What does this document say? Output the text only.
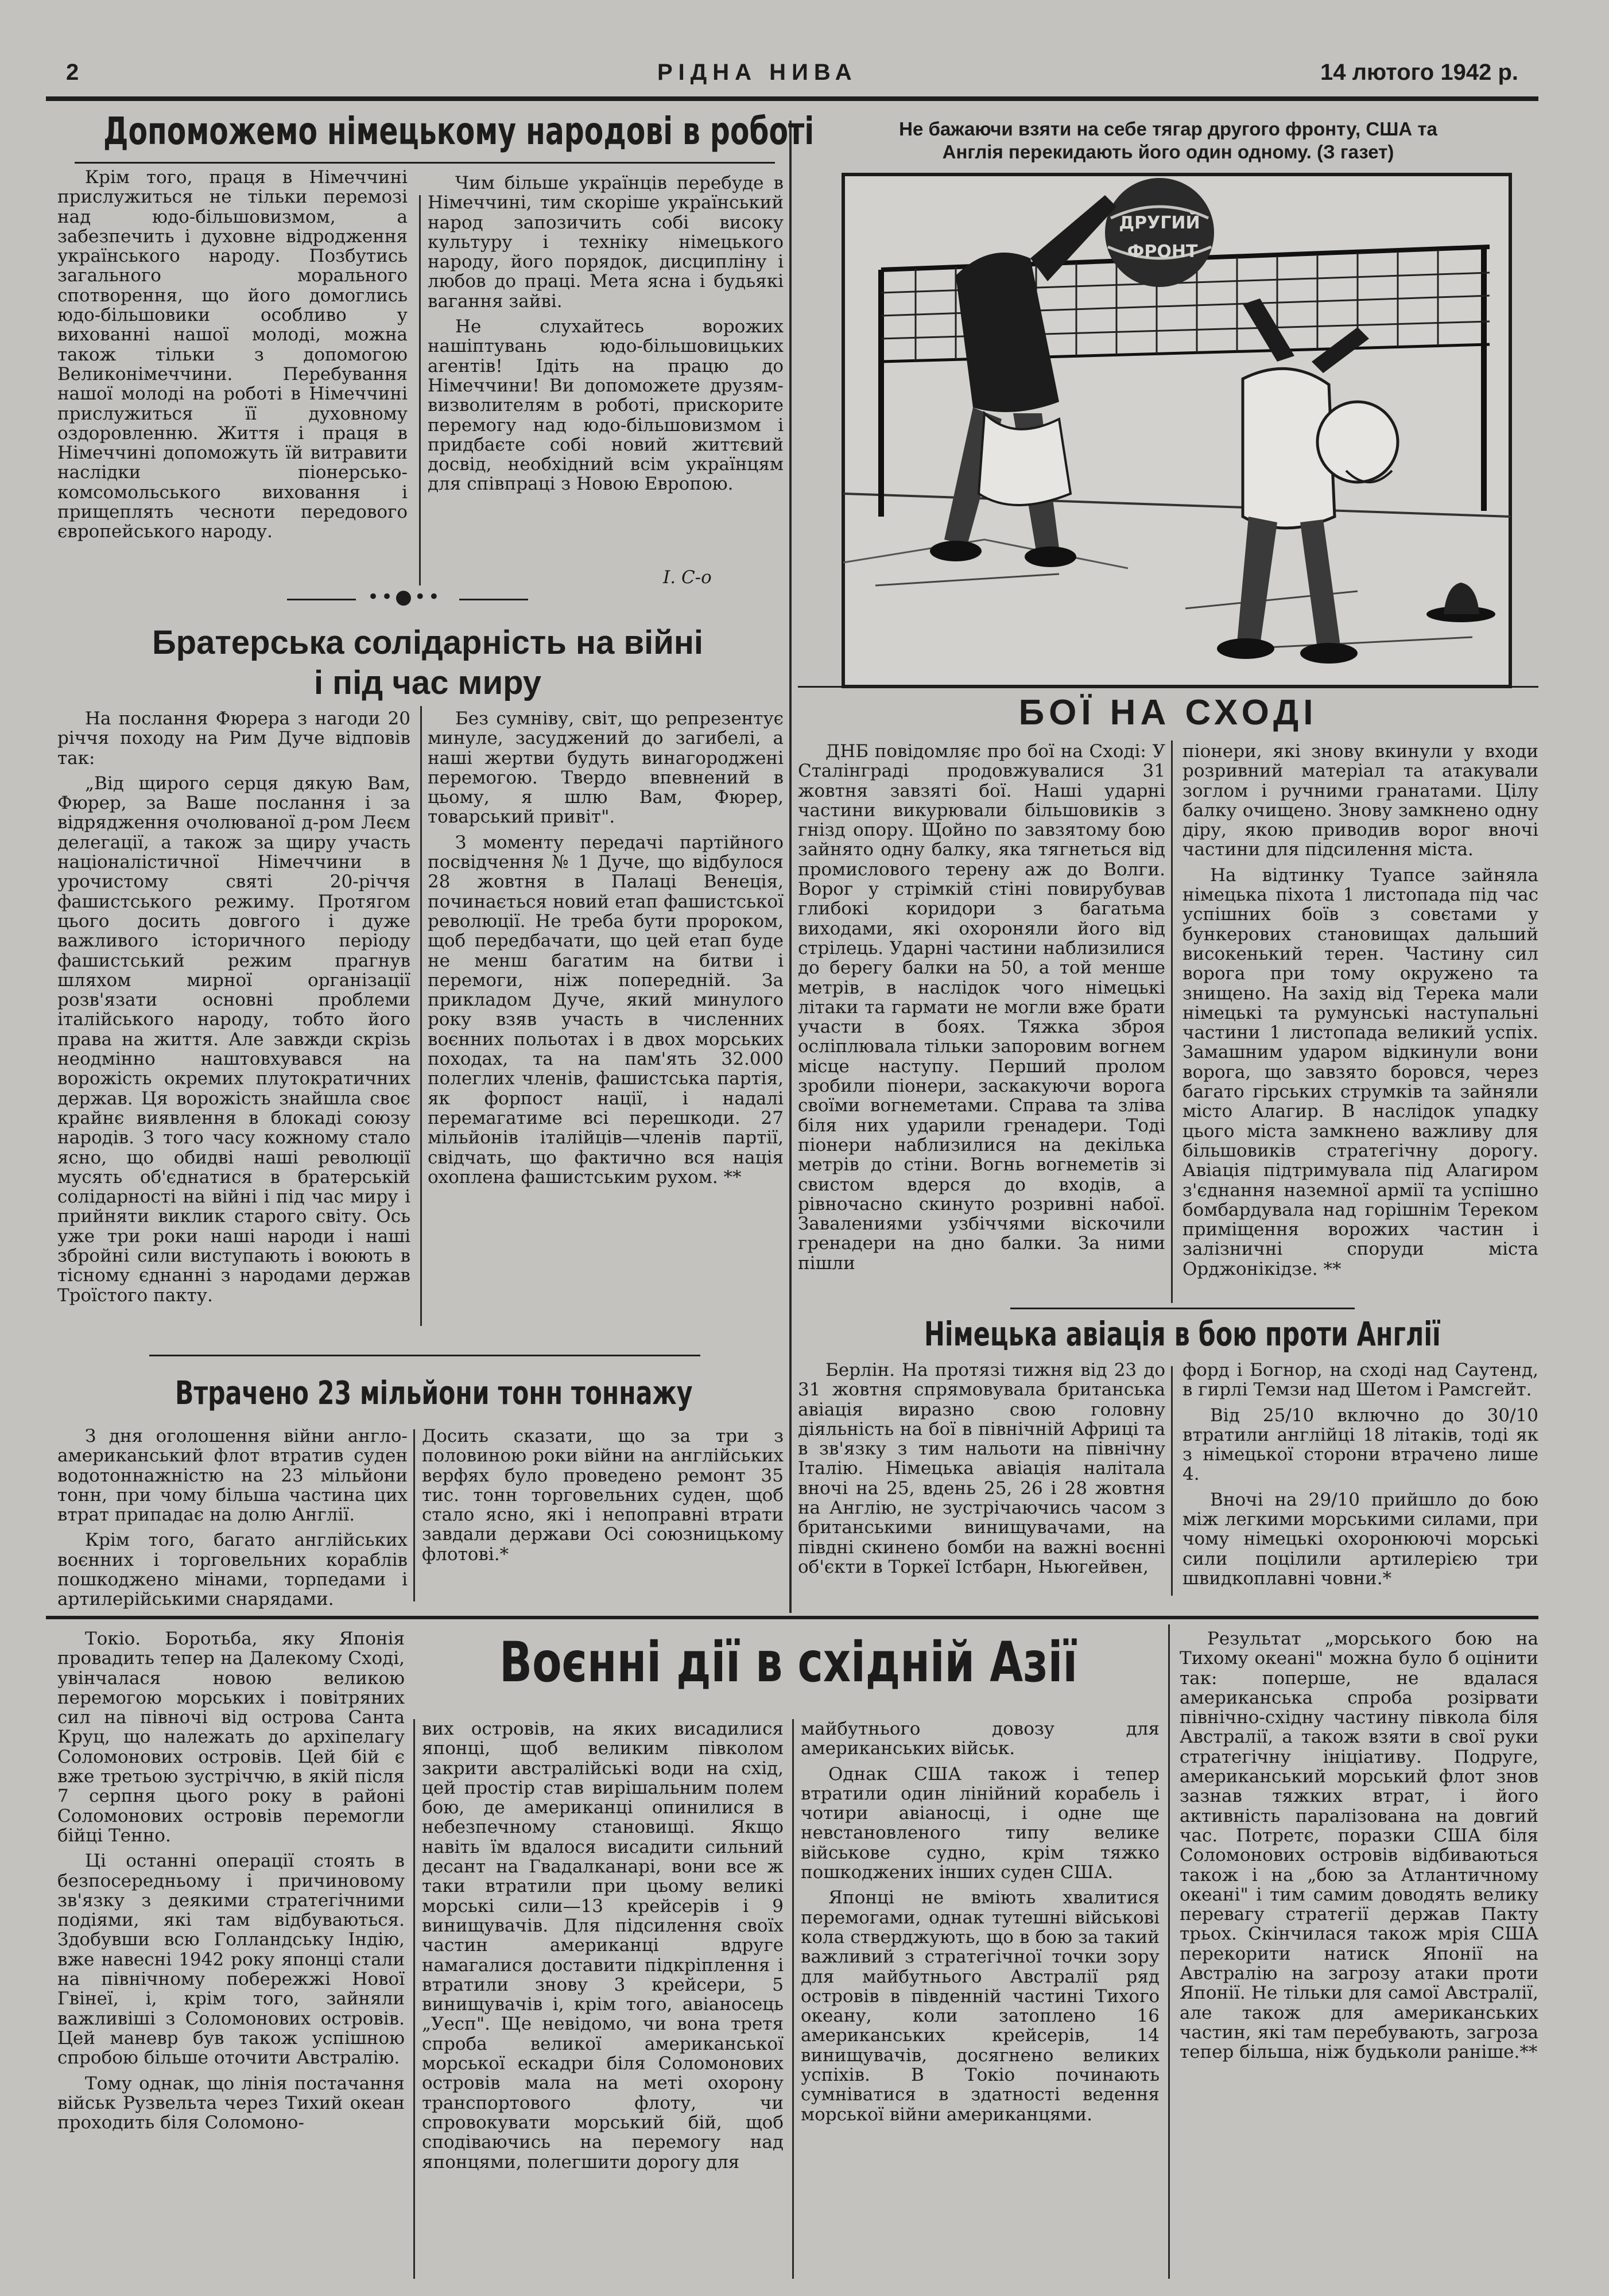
2	РІДНА НИВА	14 лютого 1942 р.
Допоможемо німецькому народові в роботі

Крім того, праця в Німеччині прислужиться не тільки перемозі над юдо-більшовизмом, а забезпечить і духовне відродження українського народу. Позбутись загального морального спотворення, що його домоглись юдо-більшовики особливо у вихованні нашої молоді, можна також тільки з допомогою Великонімеччини. Перебування нашої молоді на роботі в Німеччині прислужиться її духовному оздоровленню. Життя і праця в Німеччині допоможуть їй витравити наслідки піонерсько-комсомольського виховання і прищеплять чесноти передового європейського народу.

Чим більше українців перебуде в Німеччині, тим скоріше український народ запозичить собі високу культуру і техніку німецького народу, його порядок, дисципліну і любов до праці. Мета ясна і будьякі вагання зайві.

Не слухайтесь ворожих нашіптувань юдо-більшовицьких агентів! Ідіть на працю до Німеччини! Ви допоможете друзям-визволителям в роботі, прискорите перемогу над юдо-більшовизмом і придбаєте собі новий життєвий досвід, необхідний всім українцям для співпраці з Новою Европою.

І. С-о
••●••
Братерська солідарність на війні
і під час миру

На послання Фюрера з нагоди 20 річчя походу на Рим Дуче відповів так:

„Від щирого серця дякую Вам, Фюрер, за Ваше послання і за відрядження очолюваної д-ром Леєм делегації, а також за щиру участь націоналістичної Німеччини в урочистому святі 20-річчя фашистського режиму. Протягом цього досить довгого і дуже важливого історичного періоду фашистський режим прагнув шляхом мирної організації розв'язати основні проблеми італійського народу, тобто його права на життя. Але завжди скрізь неодмінно наштовхувався на ворожість окремих плутократичних держав. Ця ворожість знайшла своє крайнє виявлення в блокаді союзу народів. З того часу кожному стало ясно, що обидві наші революції мусять об'єднатися в братерській солідарності на війні і під час миру і прийняти виклик старого світу. Ось уже три роки наші народи і наші збройні сили виступають і воюють в тісному єднанні з народами держав Троїстого пакту.

Без сумніву, світ, що репрезентує минуле, засуджений до загибелі, а наші жертви будуть винагороджені перемогою. Твердо впевнений в цьому, я шлю Вам, Фюрер, товарський привіт".

З моменту передачі партійного посвідчення № 1 Дуче, що відбулося 28 жовтня в Палаці Венеція, починається новий етап фашистської революції. Не треба бути пророком, щоб передбачати, що цей етап буде не менш багатим на битви і перемоги, ніж попередній. За прикладом Дуче, який минулого року взяв участь в численних воєнних польотах і в двох морських походах, та на пам'ять 32.000 полеглих членів, фашистська партія, як форпост нації, і надалі перемагатиме всі перешкоди. 27 мільйонів італійців—членів партії, свідчать, що фактично вся нація охоплена фашистським рухом. **

Втрачено 23 мільйони тонн тоннажу

З дня оголошення війни англо-американський флот втратив суден водотоннажністю на 23 мільйони тонн, при чому більша частина цих втрат припадає на долю Англії.

Крім того, багато англійських воєнних і торговельних кораблів пошкоджено мінами, торпедами і артилерійськими снарядами.

Досить сказати, що за три з половиною роки війни на англійських верфях було проведено ремонт 35 тис. тонн торговельних суден, щоб стало ясно, які і непоправні втрати завдали держави Осі союзницькому флотові.*

Не бажаючи взяти на себе тягар другого фронту, США та
Англія перекидають його один одному. (З газет)
ДРУГИЙ
ФРОНТ
БОЇ НА СХОДІ

ДНБ повідомляє про бої на Сході: У Сталінграді продовжувалися 31 жовтня завзяті бої. Наші ударні частини викурювали більшовиків з гнізд опору. Щойно по завзятому бою зайнято одну балку, яка тягнеться від промислового терену аж до Волги. Ворог у стрімкій стіні повирубував глибокі коридори з багатьма виходами, які охороняли його від стрілець. Ударні частини наблизилися до берегу балки на 50, а той менше метрів, в наслідок чого німецькі літаки та гармати не могли вже брати участи в боях. Тяжка зброя осліплювала тільки запоровим вогнем місце наступу. Перший пролом зробили піонери, заскакуючи ворога своїми вогнеметами. Справа та зліва біля них ударили гренадери. Тоді піонери наблизилися на декілька метрів до стіни. Вогнь вогнеметів зі свистом вдерся до входів, а рівночасно скинуто розривні набої. Завалениями узбіччями віскочили гренадери на дно балки. За ними пішли

піонери, які знову вкинули у входи розривний матеріал та атакували зоглом і ручними гранатами. Цілу балку очищено. Знову замкнено одну діру, якою приводив ворог вночі частини для підсилення міста.

На відтинку Туапсе зайняла німецька піхота 1 листопада під час успішних боїв з совєтами у бункерових становищах дальший високенький терен. Частину сил ворога при тому окружено та знищено. На захід від Терека мали німецькі та румунські наступальні частини 1 листопада великий успіх. Замашним ударом відкинули вони ворога, що завзято боровся, через багато гірських струмків та зайняли місто Алагир. В наслідок упадку цього міста замкнено важливу для більшовиків стратегічну дорогу. Авіація підтримувала під Алагиром з'єднання наземної армії та успішно бомбардувала над горішнім Тереком приміщення ворожих частин і залізничні споруди міста Орджонікідзе. **

Німецька авіація в бою проти Англії

Берлін. На протязі тижня від 23 до 31 жовтня спрямовувала британська авіація виразно свою головну діяльність на бої в північній Африці та в зв'язку з тим нальоти на північну Італію. Німецька авіація налітала вночі на 25, вдень 25, 26 і 28 жовтня на Англію, не зустрічаючись часом з британськими винищувачами, на півдні скинено бомби на важні воєнні об'єкти в Торкеї Істбарн, Ньюгейвен,

форд і Богнор, на сході над Саутенд, в гирлі Темзи над Шетом і Рамсгейт.

Від 25/10 включно до 30/10 втратили англійці 18 літаків, тоді як з німецької сторони втрачено лише 4.

Вночі на 29/10 прийшло до бою між легкими морськими силами, при чому німецькі охоронюючі морські сили поцілили артилерією три швидкоплавні човни.*

Воєнні дії в східній Азії

Токіо. Боротьба, яку Японія провадить тепер на Далекому Сході, увінчалася новою великою перемогою морських і повітряних сил на півночі від острова Санта Круц, що належать до архіпелагу Соломонових островів. Цей бій є вже третьою зустріччю, в якій після 7 серпня цього року в районі Соломонових островів перемогли бійці Тенно.

Ці останні операції стоять в безпосередньому і причиновому зв'язку з деякими стратегічними подіями, які там відбуваються. Здобувши всю Голландську Індію, вже навесні 1942 року японці стали на північному побережжі Нової Гвінеї, і, крім того, зайняли важливіші з Соломонових островів. Цей маневр був також успішною спробою більше оточити Австралію.

Тому однак, що лінія постачання військ Рузвельта через Тихий океан проходить біля Соломоно-

вих островів, на яких висадилися японці, щоб великим півколом закрити австралійські води на схід, цей простір став вирішальним полем бою, де американці опинилися в небезпечному становищі. Якщо навіть їм вдалося висадити сильний десант на Гвадалканарі, вони все ж таки втратили при цьому великі морські сили—13 крейсерів і 9 винищувачів. Для підсилення своїх частин американці вдруге намагалися доставити підкріплення і втратили знову 3 крейсери, 5 винищувачів і, крім того, авіаносець „Уесп". Ще невідомо, чи вона третя спроба великої американської морської ескадри біля Соломонових островів мала на меті охорону транспортового флоту, чи спровокувати морський бій, щоб сподіваючись на перемогу над японцями, полегшити дорогу для

майбутнього довозу для американських військ.

Однак США також і тепер втратили один лінійний корабель і чотири авіаносці, і одне ще невстановленого типу велике військове судно, крім тяжко пошкоджених інших суден США.

Японці не вміють хвалитися перемогами, однак тутешні військові кола стверджують, що в бою за такий важливий з стратегічної точки зору для майбутнього Австралії ряд островів в південній частині Тихого океану, коли затоплено 16 американських крейсерів, 14 винищувачів, досягнено великих успіхів. В Токіо починають сумніватися в здатності ведення морської війни американцями.

Результат „морського бою на Тихому океані" можна було б оцінити так: поперше, не вдалася американська спроба розірвати північно-східну частину півкола біля Австралії, а також взяти в свої руки стратегічну ініціативу. Подруге, американський морський флот знов зазнав тяжких втрат, і його активність паралізована на довгий час. Потретє, поразки США біля Соломонових островів відбиваються також і на „бою за Атлантичному океані" і тим самим доводять велику перевагу стратегії держав Пакту трьох. Скінчилася також мрія США перекорити натиск Японії на Австралію на загрозу атаки проти Японії. Не тільки для самої Австралії, але також для американських частин, які там перебувають, загроза тепер більша, ніж будьколи раніше.**
